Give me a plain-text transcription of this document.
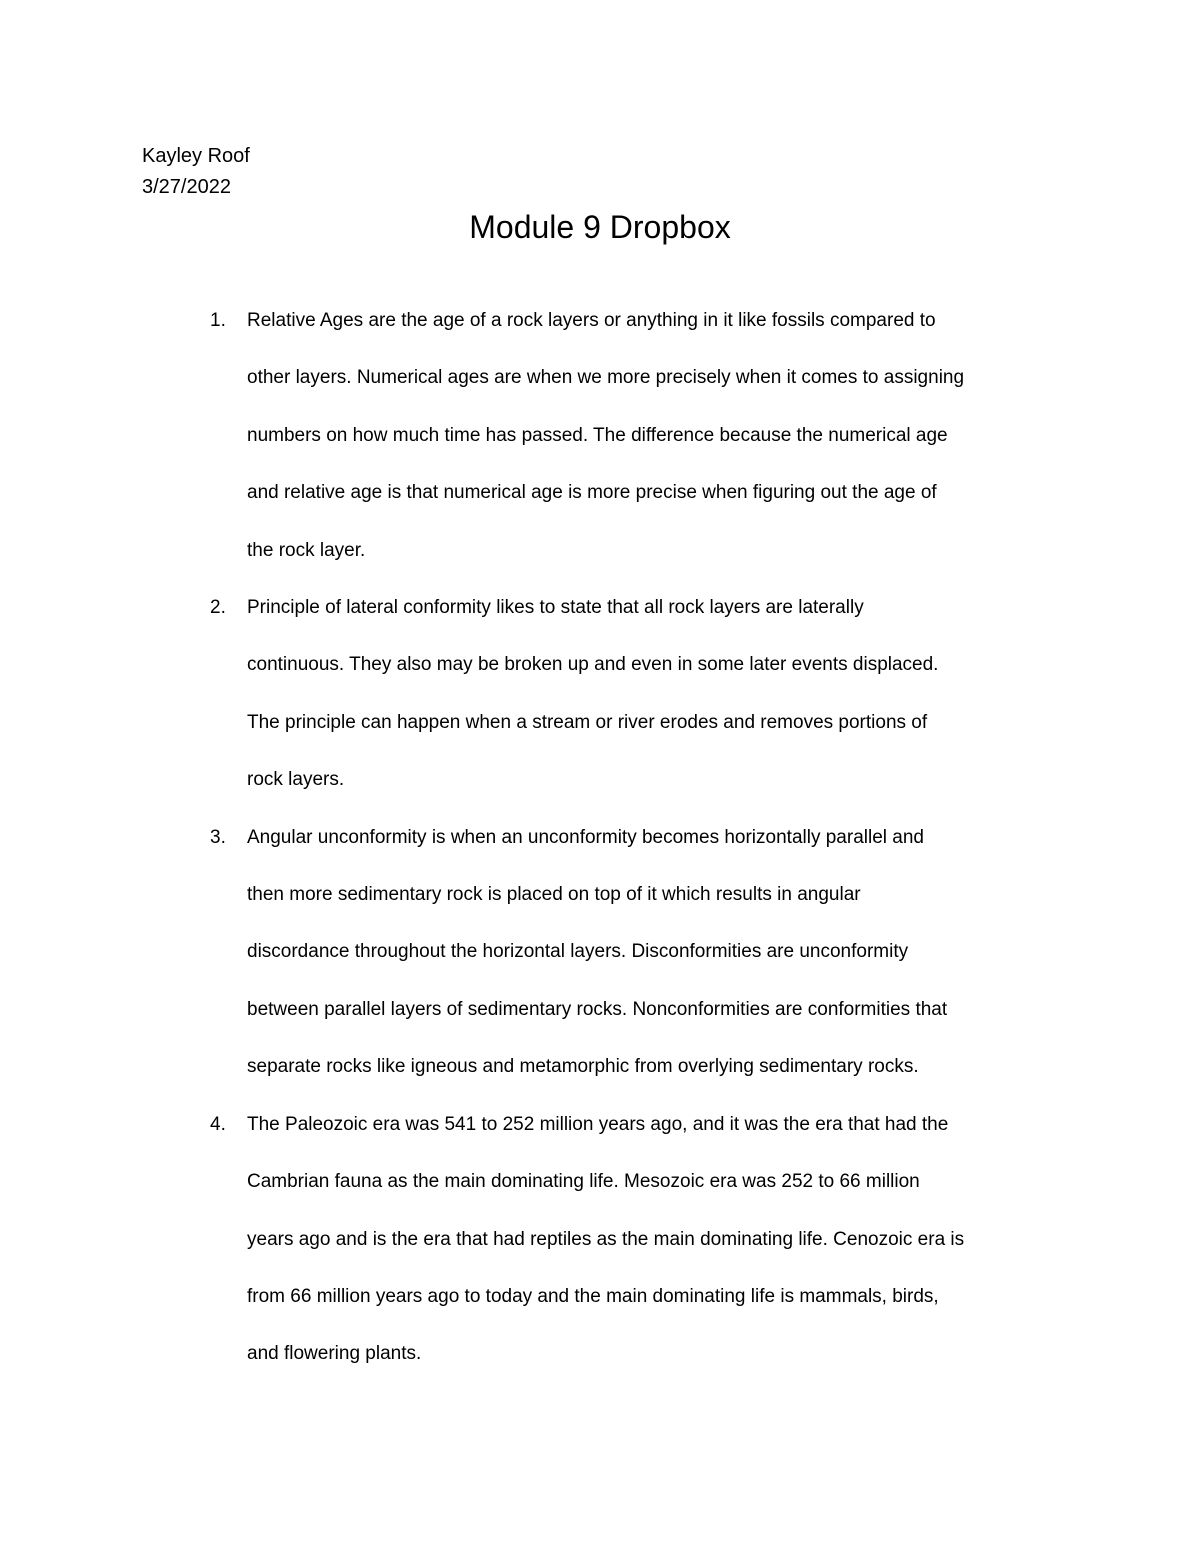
Kayley Roof

3/27/2022

Module 9 Dropbox
1. Relative Ages are the age of a rock layers or anything in it like fossils compared to
other layers. Numerical ages are when we more precisely when it comes to assigning
numbers on how much time has passed. The difference because the numerical age
and relative age is that numerical age is more precise when figuring out the age of
the rock layer.
2. Principle of lateral conformity likes to state that all rock layers are laterally
continuous. They also may be broken up and even in some later events displaced.
The principle can happen when a stream or river erodes and removes portions of
rock layers.
3. Angular unconformity is when an unconformity becomes horizontally parallel and
then more sedimentary rock is placed on top of it which results in angular
discordance throughout the horizontal layers. Disconformities are unconformity
between parallel layers of sedimentary rocks. Nonconformities are conformities that
separate rocks like igneous and metamorphic from overlying sedimentary rocks.
4. The Paleozoic era was 541 to 252 million years ago, and it was the era that had the
Cambrian fauna as the main dominating life. Mesozoic era was 252 to 66 million
years ago and is the era that had reptiles as the main dominating life. Cenozoic era is
from 66 million years ago to today and the main dominating life is mammals, birds,
and flowering plants.
